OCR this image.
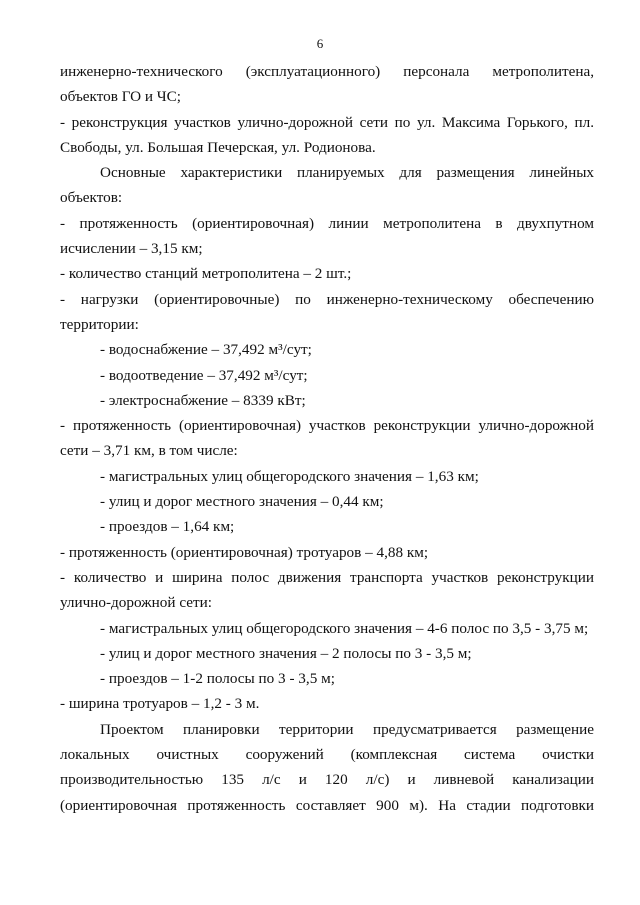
6

инженерно-технического (эксплуатационного) персонала метрополитена, объектов ГО и ЧС;

- реконструкция участков улично-дорожной сети по ул. Максима Горького, пл. Свободы, ул. Большая Печерская, ул. Родионова.

Основные характеристики планируемых для размещения линейных объектов:

- протяженность (ориентировочная) линии метрополитена в двухпутном исчислении – 3,15 км;

- количество станций метрополитена – 2 шт.;

- нагрузки (ориентировочные) по инженерно-техническому обеспечению территории:

- водоснабжение – 37,492 м³/сут;

- водоотведение – 37,492 м³/сут;

- электроснабжение – 8339 кВт;

- протяженность (ориентировочная) участков реконструкции улично-дорожной сети – 3,71 км, в том числе:

- магистральных улиц общегородского значения – 1,63 км;

- улиц и дорог местного значения – 0,44 км;

- проездов – 1,64 км;

- протяженность (ориентировочная) тротуаров – 4,88 км;

- количество и ширина полос движения транспорта участков реконструкции улично-дорожной сети:

- магистральных улиц общегородского значения – 4-6 полос по 3,5 - 3,75 м;

- улиц и дорог местного значения – 2 полосы по 3 - 3,5 м;

- проездов – 1-2 полосы по 3 - 3,5 м;

- ширина тротуаров – 1,2 - 3 м.

Проектом планировки территории предусматривается размещение локальных очистных сооружений (комплексная система очистки производительностью 135 л/с и 120 л/с) и ливневой канализации (ориентировочная протяженность составляет 900 м). На стадии подготовки
